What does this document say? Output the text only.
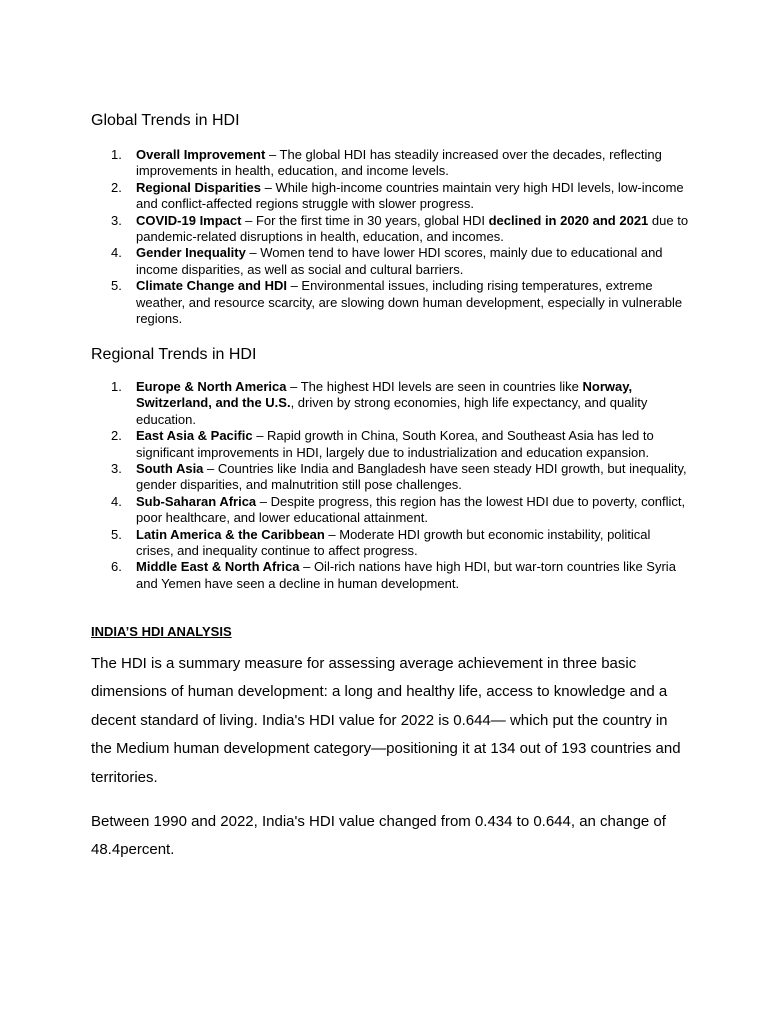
Global Trends in HDI
1. Overall Improvement – The global HDI has steadily increased over the decades, reflecting improvements in health, education, and income levels.
2. Regional Disparities – While high-income countries maintain very high HDI levels, low-income and conflict-affected regions struggle with slower progress.
3. COVID-19 Impact – For the first time in 30 years, global HDI declined in 2020 and 2021 due to pandemic-related disruptions in health, education, and incomes.
4. Gender Inequality – Women tend to have lower HDI scores, mainly due to educational and income disparities, as well as social and cultural barriers.
5. Climate Change and HDI – Environmental issues, including rising temperatures, extreme weather, and resource scarcity, are slowing down human development, especially in vulnerable regions.
Regional Trends in HDI
1. Europe & North America – The highest HDI levels are seen in countries like Norway, Switzerland, and the U.S., driven by strong economies, high life expectancy, and quality education.
2. East Asia & Pacific – Rapid growth in China, South Korea, and Southeast Asia has led to significant improvements in HDI, largely due to industrialization and education expansion.
3. South Asia – Countries like India and Bangladesh have seen steady HDI growth, but inequality, gender disparities, and malnutrition still pose challenges.
4. Sub-Saharan Africa – Despite progress, this region has the lowest HDI due to poverty, conflict, poor healthcare, and lower educational attainment.
5. Latin America & the Caribbean – Moderate HDI growth but economic instability, political crises, and inequality continue to affect progress.
6. Middle East & North Africa – Oil-rich nations have high HDI, but war-torn countries like Syria and Yemen have seen a decline in human development.
INDIA’S HDI ANALYSIS

The HDI is a summary measure for assessing average achievement in three basic dimensions of human development: a long and healthy life, access to knowledge and a decent standard of living. India's HDI value for 2022 is 0.644— which put the country in the Medium human development category—positioning it at 134 out of 193 countries and territories.

Between 1990 and 2022, India's HDI value changed from 0.434 to 0.644, an change of 48.4percent.
